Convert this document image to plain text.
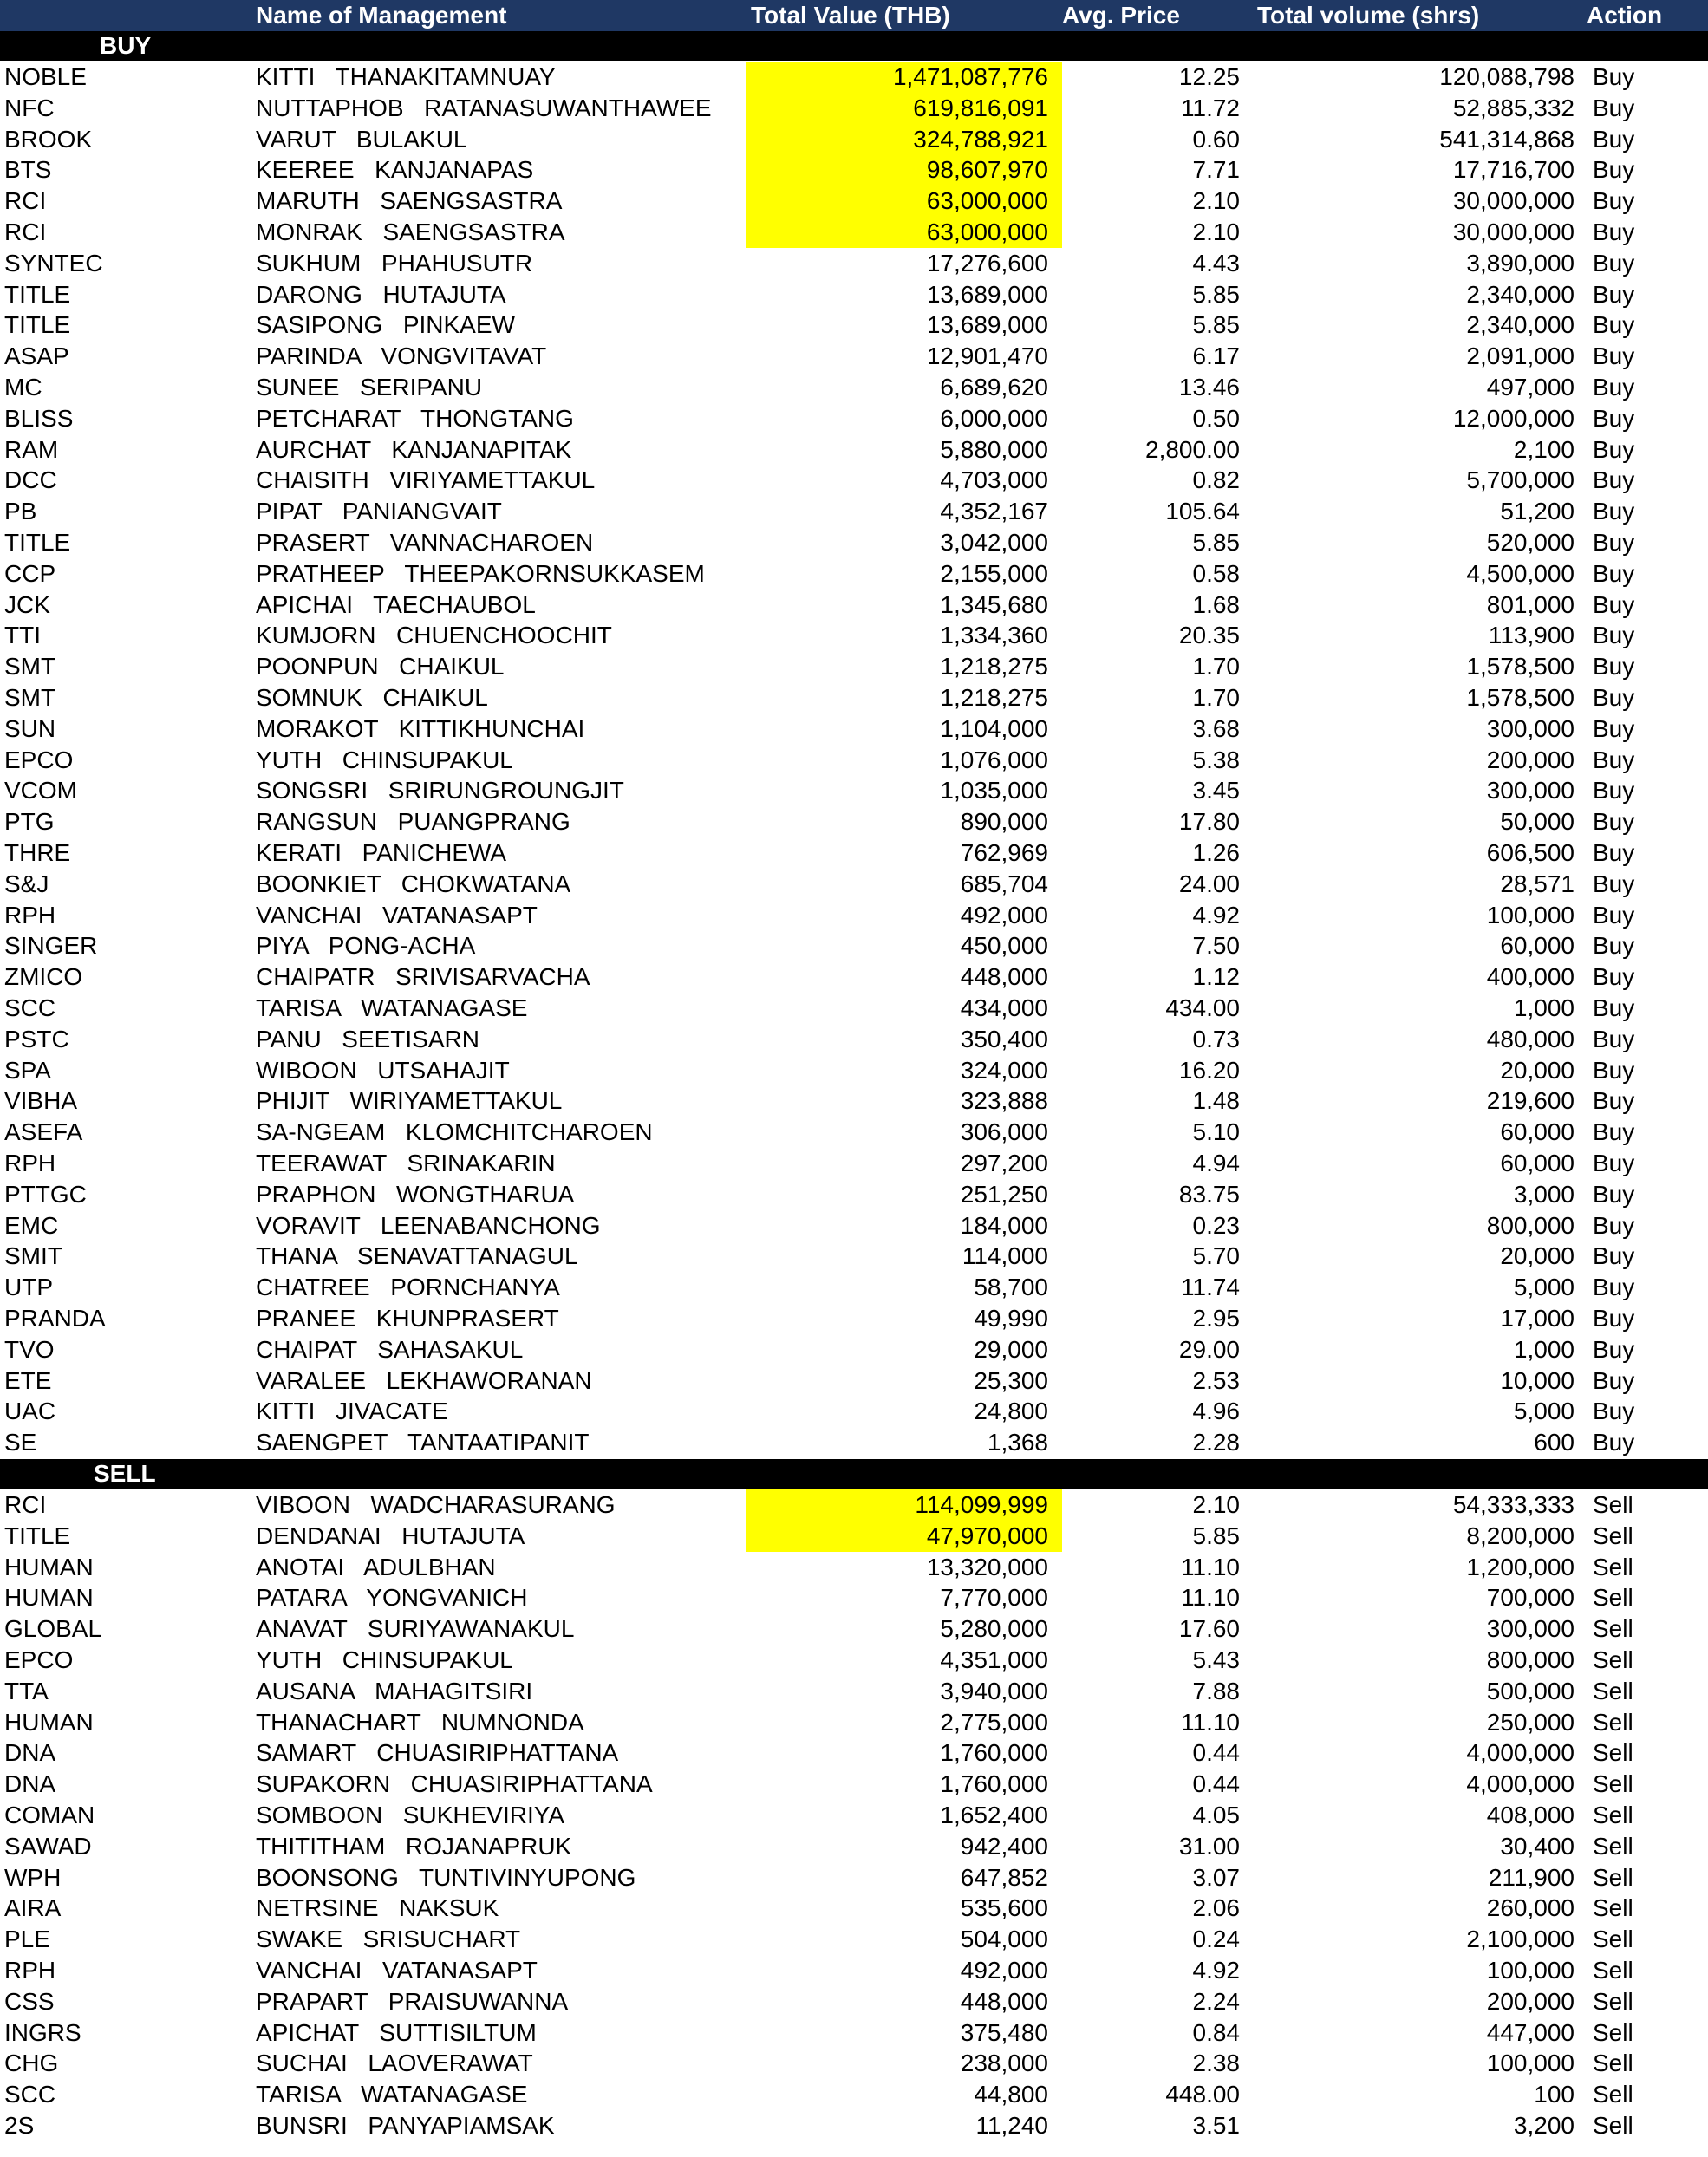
Name of Management	Total Value (THB)	Avg. Price	Total volume (shrs)	Action
BUY
NOBLE	KITTI  THANAKITAMNUAY	1,471,087,776	12.25	120,088,798 Buy
NFC	NUTTAPHOB  RATANASUWANTHAWEE	619,816,091	11.72	52,885,332 Buy
BROOK	VARUT  BULAKUL	324,788,921	0.60	541,314,868 Buy
BTS	KEEREE  KANJANAPAS	98,607,970	7.71	17,716,700 Buy
RCI	MARUTH  SAENGSASTRA	63,000,000	2.10	30,000,000 Buy
RCI	MONRAK  SAENGSASTRA	63,000,000	2.10	30,000,000 Buy
SYNTEC	SUKHUM  PHAHUSUTR	17,276,600	4.43	3,890,000 Buy
TITLE	DARONG  HUTAJUTA	13,689,000	5.85	2,340,000 Buy
TITLE	SASIPONG  PINKAEW	13,689,000	5.85	2,340,000 Buy
ASAP	PARINDA  VONGVITAVAT	12,901,470	6.17	2,091,000 Buy
MC	SUNEE  SERIPANU	6,689,620	13.46	497,000 Buy
BLISS	PETCHARAT  THONGTANG	6,000,000	0.50	12,000,000 Buy
RAM	AURCHAT  KANJANAPITAK	5,880,000	2,800.00	2,100 Buy
DCC	CHAISITH  VIRIYAMETTAKUL	4,703,000	0.82	5,700,000 Buy
PB	PIPAT  PANIANGVAIT	4,352,167	105.64	51,200 Buy
TITLE	PRASERT  VANNACHAROEN	3,042,000	5.85	520,000 Buy
CCP	PRATHEEP  THEEPAKORNSUKKASEM	2,155,000	0.58	4,500,000 Buy
JCK	APICHAI  TAECHAUBOL	1,345,680	1.68	801,000 Buy
TTI	KUMJORN  CHUENCHOOCHIT	1,334,360	20.35	113,900 Buy
SMT	POONPUN  CHAIKUL	1,218,275	1.70	1,578,500 Buy
SMT	SOMNUK  CHAIKUL	1,218,275	1.70	1,578,500 Buy
SUN	MORAKOT  KITTIKHUNCHAI	1,104,000	3.68	300,000 Buy
EPCO	YUTH  CHINSUPAKUL	1,076,000	5.38	200,000 Buy
VCOM	SONGSRI  SRIRUNGROUNGJIT	1,035,000	3.45	300,000 Buy
PTG	RANGSUN  PUANGPRANG	890,000	17.80	50,000 Buy
THRE	KERATI  PANICHEWA	762,969	1.26	606,500 Buy
S&J	BOONKIET  CHOKWATANA	685,704	24.00	28,571 Buy
RPH	VANCHAI  VATANASAPT	492,000	4.92	100,000 Buy
SINGER	PIYA  PONG-ACHA	450,000	7.50	60,000 Buy
ZMICO	CHAIPATR  SRIVISARVACHA	448,000	1.12	400,000 Buy
SCC	TARISA  WATANAGASE	434,000	434.00	1,000 Buy
PSTC	PANU  SEETISARN	350,400	0.73	480,000 Buy
SPA	WIBOON  UTSAHAJIT	324,000	16.20	20,000 Buy
VIBHA	PHIJIT  WIRIYAMETTAKUL	323,888	1.48	219,600 Buy
ASEFA	SA-NGEAM  KLOMCHITCHAROEN	306,000	5.10	60,000 Buy
RPH	TEERAWAT  SRINAKARIN	297,200	4.94	60,000 Buy
PTTGC	PRAPHON  WONGTHARUA	251,250	83.75	3,000 Buy
EMC	VORAVIT  LEENABANCHONG	184,000	0.23	800,000 Buy
SMIT	THANA  SENAVATTANAGUL	114,000	5.70	20,000 Buy
UTP	CHATREE  PORNCHANYA	58,700	11.74	5,000 Buy
PRANDA	PRANEE  KHUNPRASERT	49,990	2.95	17,000 Buy
TVO	CHAIPAT  SAHASAKUL	29,000	29.00	1,000 Buy
ETE	VARALEE  LEKHAWORANAN	25,300	2.53	10,000 Buy
UAC	KITTI  JIVACATE	24,800	4.96	5,000 Buy
SE	SAENGPET  TANTAATIPANIT	1,368	2.28	600 Buy
SELL
RCI	VIBOON  WADCHARASURANG	114,099,999	2.10	54,333,333 Sell
TITLE	DENDANAI  HUTAJUTA	47,970,000	5.85	8,200,000 Sell
HUMAN	ANOTAI  ADULBHAN	13,320,000	11.10	1,200,000 Sell
HUMAN	PATARA  YONGVANICH	7,770,000	11.10	700,000 Sell
GLOBAL	ANAVAT  SURIYAWANAKUL	5,280,000	17.60	300,000 Sell
EPCO	YUTH  CHINSUPAKUL	4,351,000	5.43	800,000 Sell
TTA	AUSANA  MAHAGITSIRI	3,940,000	7.88	500,000 Sell
HUMAN	THANACHART  NUMNONDA	2,775,000	11.10	250,000 Sell
DNA	SAMART  CHUASIRIPHATTANA	1,760,000	0.44	4,000,000 Sell
DNA	SUPAKORN  CHUASIRIPHATTANA	1,760,000	0.44	4,000,000 Sell
COMAN	SOMBOON  SUKHEVIRIYA	1,652,400	4.05	408,000 Sell
SAWAD	THITITHAM  ROJANAPRUK	942,400	31.00	30,400 Sell
WPH	BOONSONG  TUNTIVINYUPONG	647,852	3.07	211,900 Sell
AIRA	NETRSINE  NAKSUK	535,600	2.06	260,000 Sell
PLE	SWAKE  SRISUCHART	504,000	0.24	2,100,000 Sell
RPH	VANCHAI  VATANASAPT	492,000	4.92	100,000 Sell
CSS	PRAPART  PRAISUWANNA	448,000	2.24	200,000 Sell
INGRS	APICHAT  SUTTISILTUM	375,480	0.84	447,000 Sell
CHG	SUCHAI  LAOVERAWAT	238,000	2.38	100,000 Sell
SCC	TARISA  WATANAGASE	44,800	448.00	100 Sell
2S	BUNSRI  PANYAPIAMSAK	11,240	3.51	3,200 Sell
